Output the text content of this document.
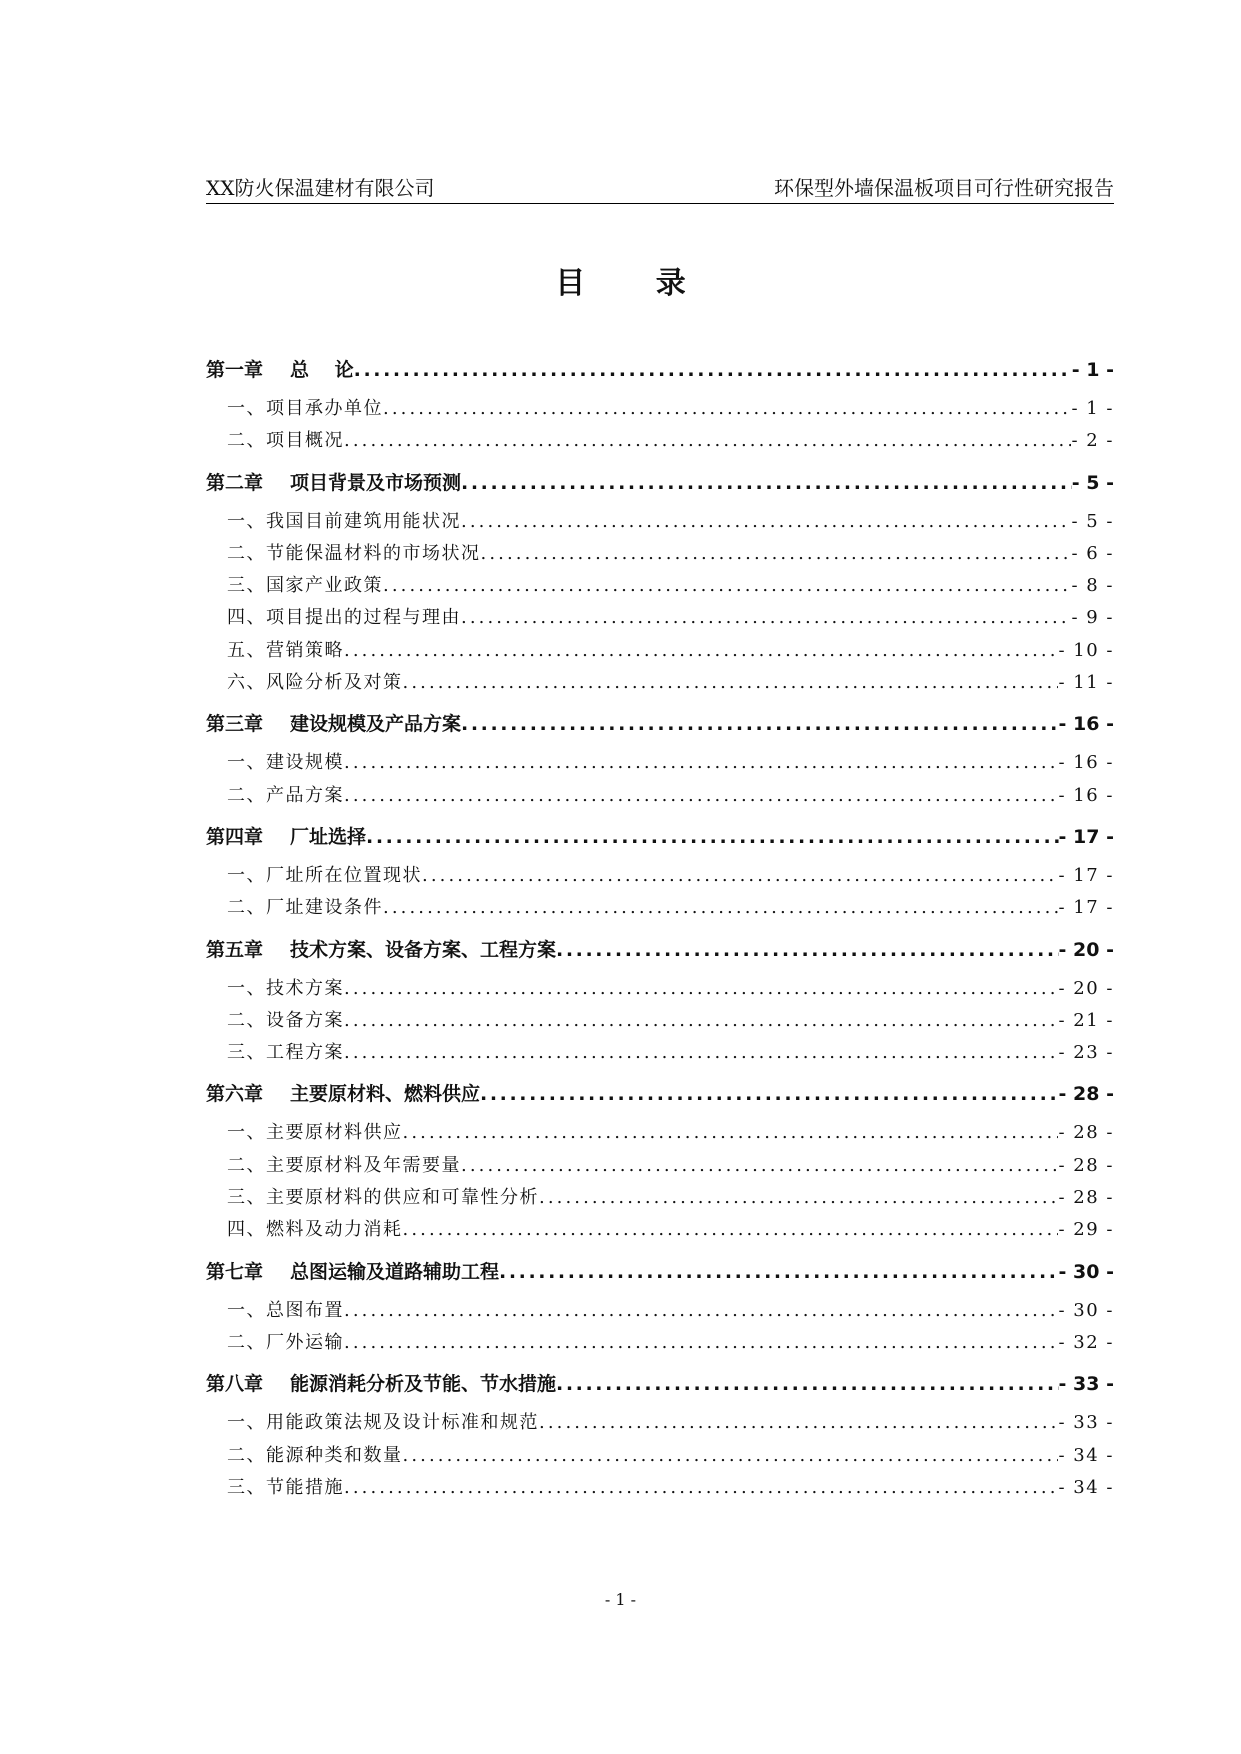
XX防火保温建材有限公司	环保型外墙保温板项目可行性研究报告
目 录
第一章 总　 论 .....	- 1 -
一、项目承办单位 .....	- 1 -
二、项目概况 .....	- 2 -
第二章 项目背景及市场预测 .....	- 5 -
一、我国目前建筑用能状况 .....	- 5 -
二、节能保温材料的市场状况 .....	- 6 -
三、国家产业政策 .....	- 8 -
四、项目提出的过程与理由 .....	- 9 -
五、营销策略 .....	- 10 -
六、风险分析及对策 .....	- 11 -
第三章 建设规模及产品方案 .....	- 16 -
一、建设规模 .....	- 16 -
二、产品方案 .....	- 16 -
第四章 厂址选择 .....	- 17 -
一、厂址所在位置现状 .....	- 17 -
二、厂址建设条件 .....	- 17 -
第五章 技术方案、设备方案、工程方案 .....	- 20 -
一、技术方案 .....	- 20 -
二、设备方案 .....	- 21 -
三、工程方案 .....	- 23 -
第六章 主要原材料、燃料供应 .....	- 28 -
一、主要原材料供应 .....	- 28 -
二、主要原材料及年需要量 .....	- 28 -
三、主要原材料的供应和可靠性分析 .....	- 28 -
四、燃料及动力消耗 .....	- 29 -
第七章 总图运输及道路辅助工程 .....	- 30 -
一、总图布置 .....	- 30 -
二、厂外运输 .....	- 32 -
第八章 能源消耗分析及节能、节水措施 .....	- 33 -
一、用能政策法规及设计标准和规范 .....	- 33 -
二、能源种类和数量 .....	- 34 -
三、节能措施 .....	- 34 -
- 1 -
